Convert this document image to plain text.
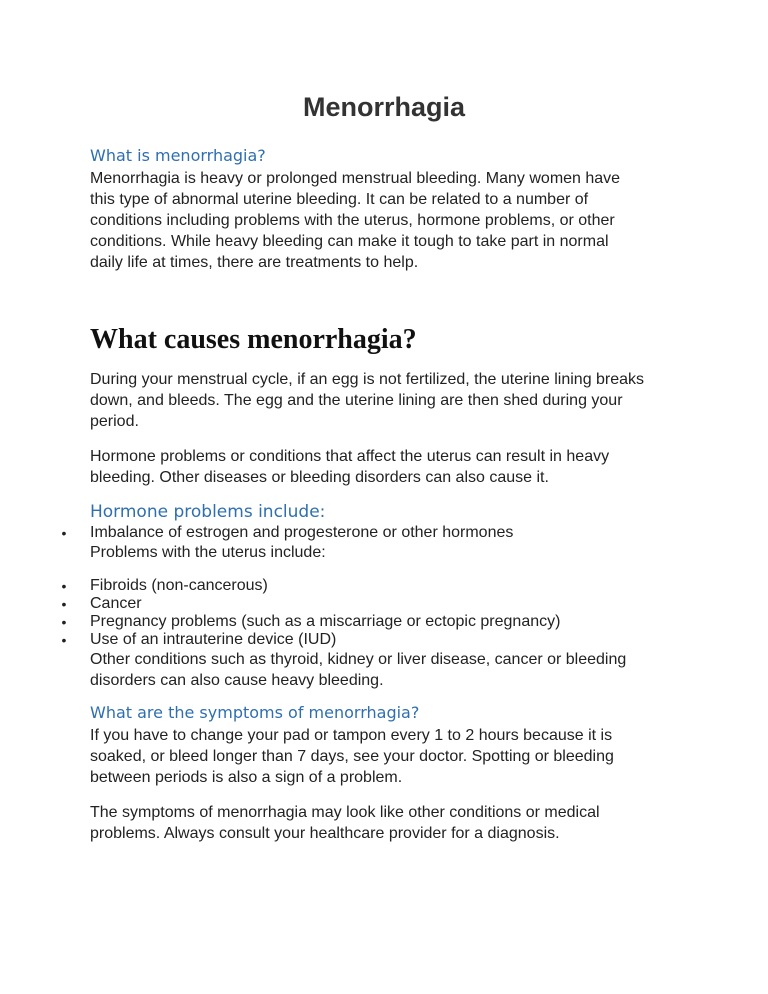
Menorrhagia
What is menorrhagia?

Menorrhagia is heavy or prolonged menstrual bleeding. Many women have
this type of abnormal uterine bleeding. It can be related to a number of
conditions including problems with the uterus, hormone problems, or other
conditions. While heavy bleeding can make it tough to take part in normal
daily life at times, there are treatments to help.

What causes menorrhagia?

During your menstrual cycle, if an egg is not fertilized, the uterine lining breaks
down, and bleeds. The egg and the uterine lining are then shed during your
period.

Hormone problems or conditions that affect the uterus can result in heavy
bleeding. Other diseases or bleeding disorders can also cause it.

Hormone problems include:
• Imbalance of estrogen and progesterone or other hormones
Problems with the uterus include:
• Fibroids (non-cancerous)
• Cancer
• Pregnancy problems (such as a miscarriage or ectopic pregnancy)
• Use of an intrauterine device (IUD)
Other conditions such as thyroid, kidney or liver disease, cancer or bleeding
disorders can also cause heavy bleeding.
What are the symptoms of menorrhagia?

If you have to change your pad or tampon every 1 to 2 hours because it is
soaked, or bleed longer than 7 days, see your doctor. Spotting or bleeding
between periods is also a sign of a problem.

The symptoms of menorrhagia may look like other conditions or medical
problems. Always consult your healthcare provider for a diagnosis.
